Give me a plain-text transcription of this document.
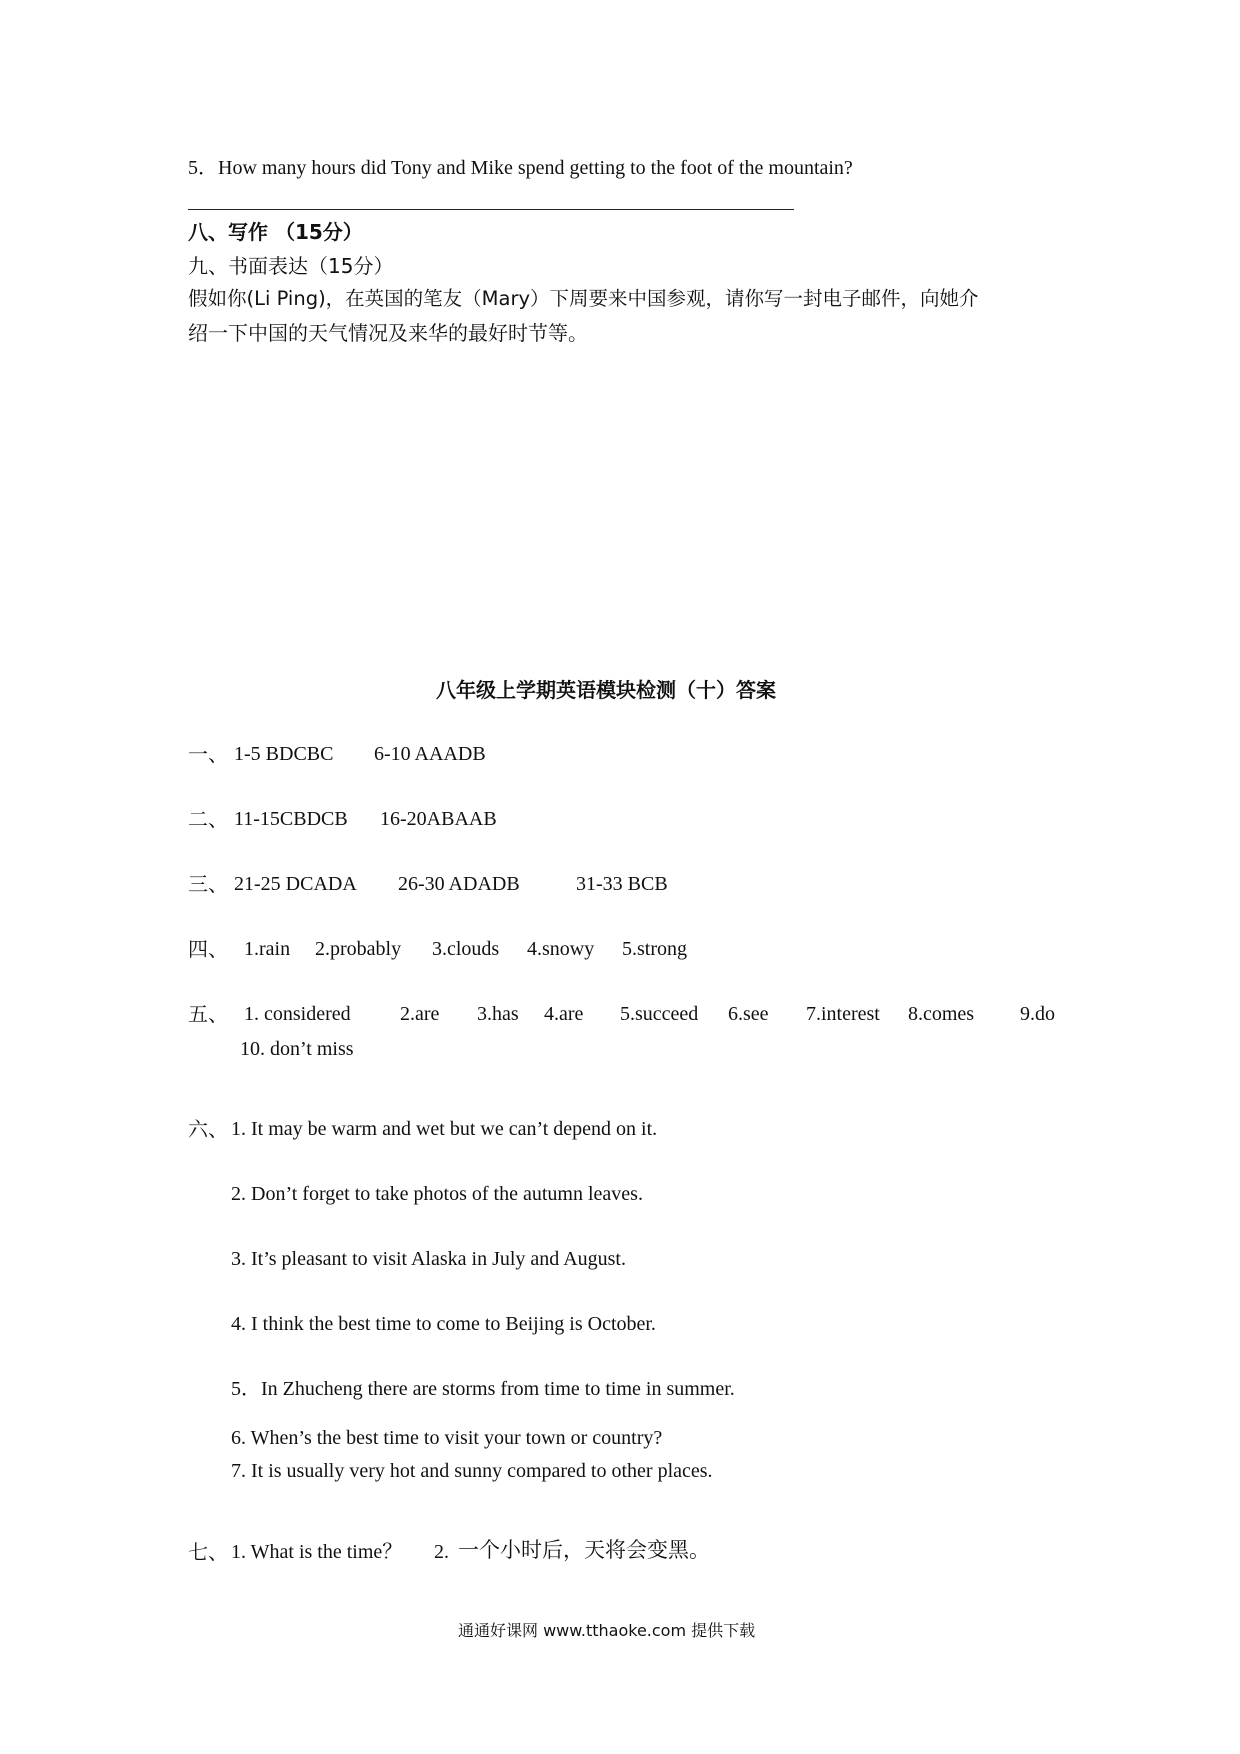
5．How many hours did Tony and Mike spend getting to the foot of the mountain?
八、写作 （15分）
九、书面表达（15分）
假如你(Li Ping)，在英国的笔友（Mary）下周要来中国参观，请你写一封电子邮件，向她介
绍一下中国的天气情况及来华的最好时节等。
八年级上学期英语模块检测（十）答案
一、 1-5 BDCBC 6-10 AAADB
二、 11-15CBDCB 16-20ABAAB
三、 21-25 DCADA 26-30 ADADB	31-33 BCB
四、 1.rain 2.probably 3.clouds 4.snowy 5.strong
五、 1. considered 2.are 3.has 4.are 5.succeed 6.see 7.interest 8.comes 9.do
10. don’t miss
六、 1. It may be warm and wet but we can’t depend on it.
2. Don’t forget to take photos of the autumn leaves.
3. It’s pleasant to visit Alaska in July and August.
4. I think the best time to come to Beijing is October.
5．In Zhucheng there are storms from time to time in summer.
6. When’s the best time to visit your town or country?
7. It is usually very hot and sunny compared to other places.
七、 1. What is the time？ 2. 一个小时后，天将会变黑。
通通好课网 www.tthaoke.com 提供下载
